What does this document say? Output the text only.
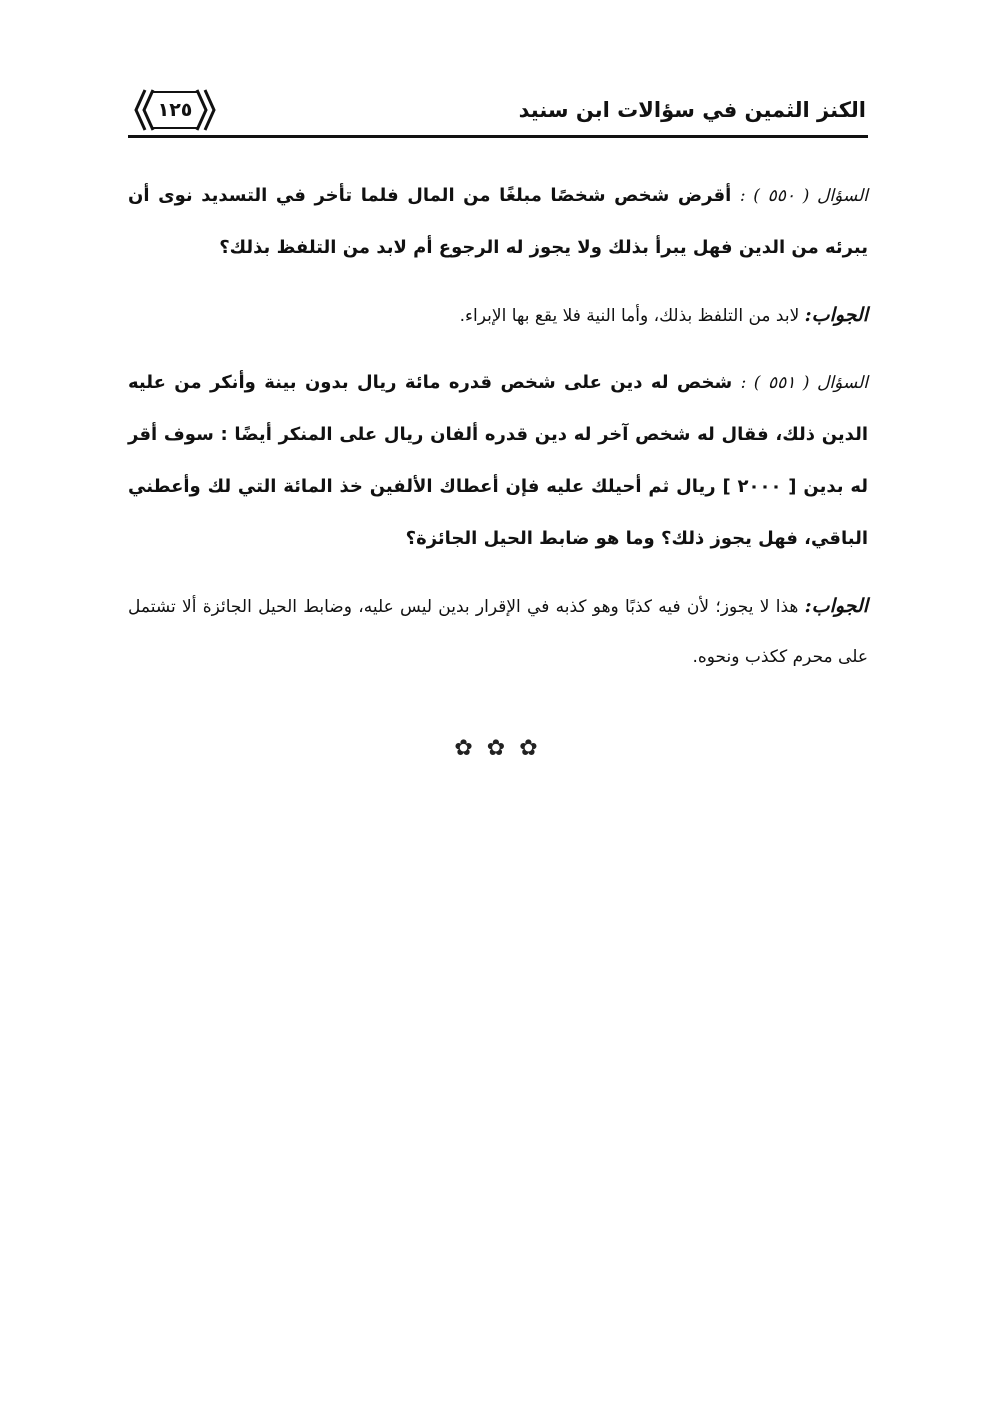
١٢٥	الكنز الثمين في سؤالات ابن سنيد

السؤال ( ٥٥٠ ) : أقرض شخص شخصًا مبلغًا من المال فلما تأخر في التسديد نوى أن يبرئه من الدين فهل يبرأ بذلك ولا يجوز له الرجوع أم لابد من التلفظ بذلك؟

الجواب: لابد من التلفظ بذلك، وأما النية فلا يقع بها الإبراء.

السؤال ( ٥٥١ ) : شخص له دين على شخص قدره مائة ريال بدون بينة وأنكر من عليه الدين ذلك، فقال له شخص آخر له دين قدره ألفان ريال على المنكر أيضًا : سوف أقر له بدين [ ٢٠٠٠ ] ريال ثم أحيلك عليه فإن أعطاك الألفين خذ المائة التي لك وأعطني الباقي، فهل يجوز ذلك؟ وما هو ضابط الحيل الجائزة؟

الجواب: هذا لا يجوز؛ لأن فيه كذبًا وهو كذبه في الإقرار بدين ليس عليه، وضابط الحيل الجائزة ألا تشتمل على محرم ككذب ونحوه.

✿ ✿ ✿
